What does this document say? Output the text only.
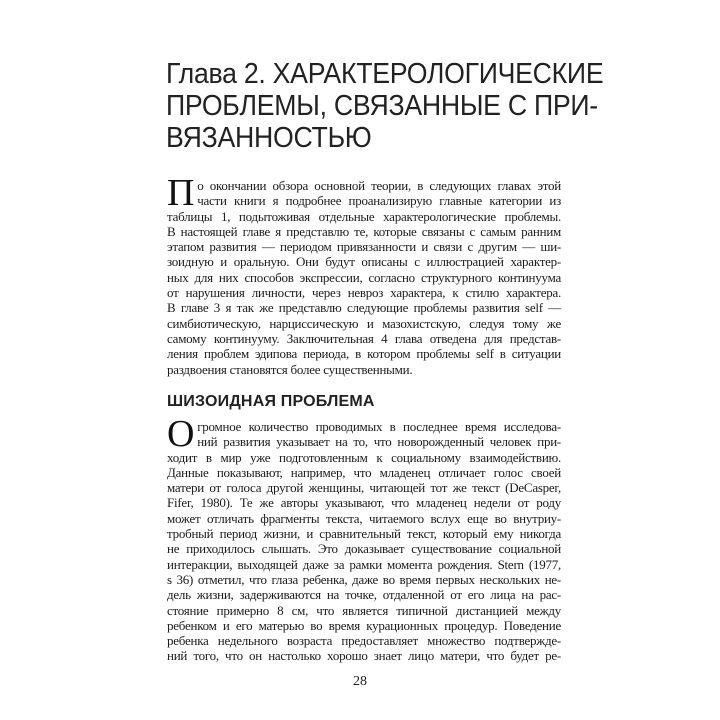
Глава 2. ХАРАКТЕРОЛОГИЧЕСКИЕ
ПРОБЛЕМЫ, СВЯЗАННЫЕ С ПРИ-
ВЯЗАННОСТЬЮ
П о окончании обзора основной теории, в следующих главах этой
части книги я подробнее проанализирую главные категории из
таблицы 1, подытоживая отдельные характерологические проблемы.
В настоящей главе я представлю те, которые связаны с самым ранним
этапом развития — периодом привязанности и связи с другим — ши-
зоидную и оральную. Они будут описаны с иллюстрацией характер-
ных для них способов экспрессии, согласно структурного континуума
от нарушения личности, через невроз характера, к стилю характера.
В главе 3 я так же представлю следующие проблемы развития self —
симбиотическую, нарциссическую и мазохистскую, следуя тому же
самому континууму. Заключительная 4 глава отведена для представ-
ления проблем эдипова периода, в котором проблемы self в ситуации
раздвоения становятся более существенными.
ШИЗОИДНАЯ ПРОБЛЕМА
О громное количество проводимых в последнее время исследова-
ний развития указывает на то, что новорожденный человек при-
ходит в мир уже подготовленным к социальному взаимодействию.
Данные показывают, например, что младенец отличает голос своей
матери от голоса другой женщины, читающей тот же текст (DeCasper,
Fifer, 1980). Те же авторы указывают, что младенец недели от роду
может отличать фрагменты текста, читаемого вслух еще во внутриу-
тробный период жизни, и сравнительный текст, который ему никогда
не приходилось слышать. Это доказывает существование социальной
интеракции, выходящей даже за рамки момента рождения. Stern (1977,
s 36) отметил, что глаза ребенка, даже во время первых нескольких не-
дель жизни, задерживаются на точке, отдаленной от его лица на рас-
стояние примерно 8 см, что является типичной дистанцией между
ребенком и его матерью во время курационных процедур. Поведение
ребенка недельного возраста предоставляет множество подтвержде-
ний того, что он настолько хорошо знает лицо матери, что будет ре-
28
